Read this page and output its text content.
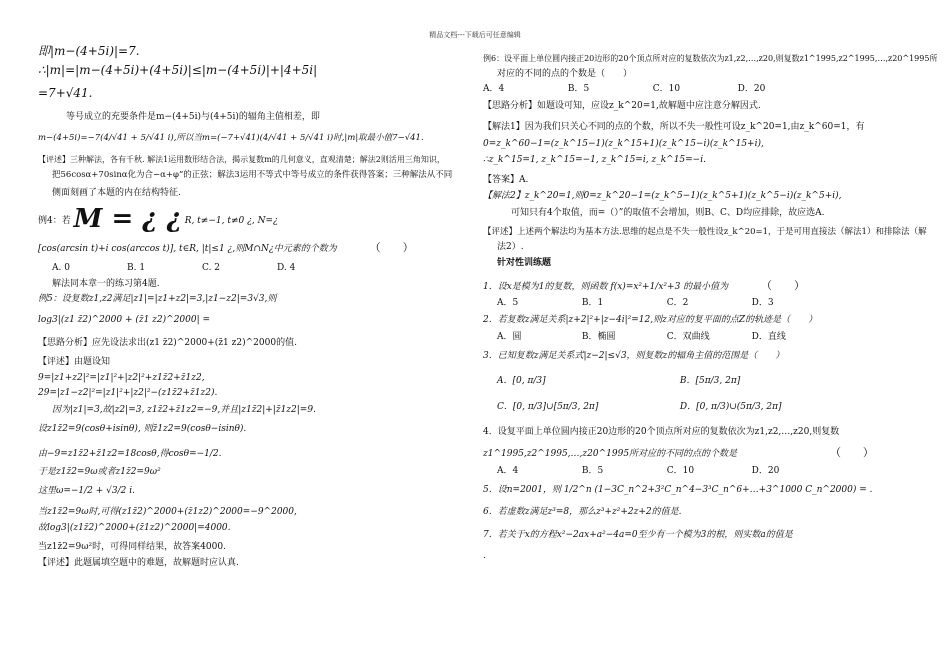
精品文档---下载后可任意编辑
即|m−(4+5i)|=7.
∴|m|=|m−(4+5i)+(4+5i)|≤|m−(4+5i)|+|4+5i|
=7+√41.
等号成立的充要条件是m−(4+5i)与(4+5i)的辐角主值相差，即
m−(4+5i)=−7(4/√41 + 5/√41 i),所以当m=(−7+√41)(4/√41 + 5/√41 i)时,|m|取最小值7−√41.
【评述】三种解法，各有千秋. 解法1运用数形结合法，揭示复数m的几何意义，直观清楚；解法2则活用三角知识，
把56cosα+70sinα化为合−α+φ”的正弦；解法3运用不等式中等号成立的条件获得答案；三种解法从不同
侧面刻画了本题的内在结构特征.
例4：若 M = ¿ ¿ R, t≠−1, t≠0 ¿, N=¿
[cos(arcsin t)+i cos(arccos t)], t∈R, |t|≤1 ¿,则M∩N¿中元素的个数为	（　　）
A. 0	B. 1	C. 2	D. 4
解法同本章一的练习第4题.
例5：设复数z1,z2满足|z1|=|z1+z2|=3,|z1−z2|=3√3,则
log3|(z1 z̄2)^2000 + (z̄1 z2)^2000| =
【思路分析】应先设法求出(z1 z̄2)^2000+(z̄1 z2)^2000的值.
【评述】由题设知
9=|z1+z2|²=|z1|²+|z2|²+z1z̄2+z̄1z2,
29=|z1−z2|²=|z1|²+|z2|²−(z1z̄2+z̄1z2).
因为|z1|=3,故|z2|=3, z1z̄2+z̄1z2=−9,并且|z1z̄2|+|z̄1z2|=9.
设z1z̄2=9(cosθ+isinθ), 则z̄1z2=9(cosθ−isinθ).
由−9=z1z̄2+z̄1z2=18cosθ,得cosθ=−1/2.
于是z1z̄2=9ω或者z1z̄2=9ω²
这里ω=−1/2 + √3/2 i.
当z1z̄2=9ω时,可得(z1z̄2)^2000+(z̄1z2)^2000=−9^2000,
故log3|(z1z̄2)^2000+(z̄1z2)^2000|=4000.
当z1z̄2=9ω²时，可得同样结果，故答案4000.
【评述】此题属填空题中的难题，故解题时应认真.
例6：设平面上单位圆内接正20边形的20个顶点所对应的复数依次为z1,z2,…,z20,则复数z1^1995,z2^1995,…,z20^1995所
对应的不同的点的个数是（　　）
A．4	B．5	C．10	D．20
【思路分析】如题设可知，应设z_k^20=1,故解题中应注意分解因式.
【解法1】因为我们只关心不同的点的个数，所以不失一般性可设z_k^20=1,由z_k^60=1，有
0=z_k^60−1=(z_k^15−1)(z_k^15+1)(z_k^15−i)(z_k^15+i),
∴z_k^15=1, z_k^15=−1, z_k^15=i, z_k^15=−i.
【答案】A.
【解法2】z_k^20=1,则0=z_k^20−1=(z_k^5−1)(z_k^5+1)(z_k^5−i)(z_k^5+i),
可知只有4个取值，而=（）”的取值不会增加，则B、C、D均应排除，故应选A.
【评述】上述两个解法均为基本方法.思维的起点是不失一般性设z_k^20=1，于是可用直接法（解法1）和排除法（解
法2）.
针对性训练题
1．设x是模为1的复数，则函数 f(x)=x²+1/x²+3 的最小值为	（　　）
A．5	B．1	C．2	D．3
2．若复数z满足关系|z+2|²+|z−4i|²=12,则z对应的复平面的点Z的轨迹是（　　）
A．圆	B．椭圆	C．双曲线	D．直线
3．已知复数z满足关系式|z−2|≤√3，则复数z的辐角主值的范围是（　　）
A．[0, π/3]	B．[5π/3, 2π]
C．[0, π/3]∪[5π/3, 2π]	D．[0, π/3)∪(5π/3, 2π]
4．设复平面上单位圆内接正20边形的20个顶点所对应的复数依次为z1,z2,…,z20,则复数
z1^1995,z2^1995,…,z20^1995所对应的不同的点的个数是	（　　）
A．4	B．5	C．10	D．20
5．设n=2001，则 1/2^n (1−3C_n^2+3²C_n^4−3³C_n^6+…+3^1000 C_n^2000) = .
6．若虚数z满足z³=8，那么z³+z²+2z+2的值是.
7．若关于x的方程x²−2ax+a²−4a=0至少有一个模为3的根，则实数a的值是
.
